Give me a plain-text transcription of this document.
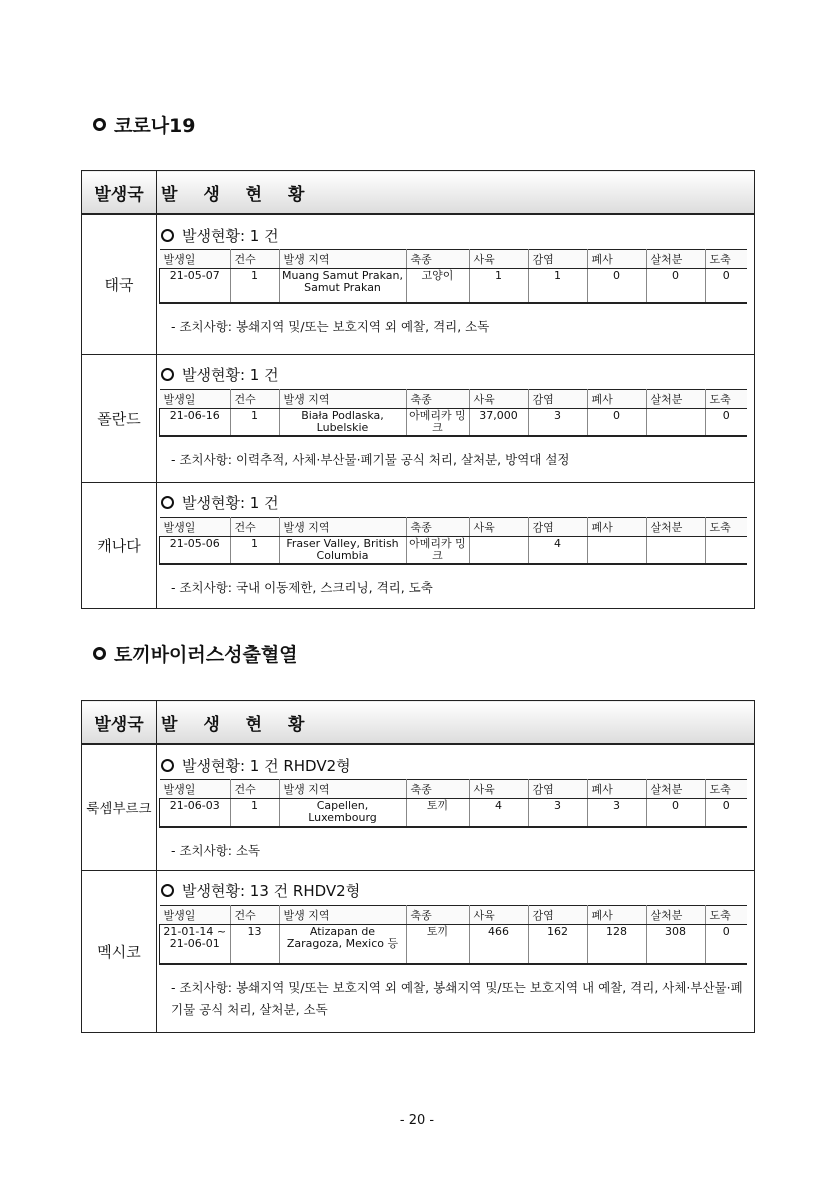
코로나19
발생국	발 생 현 황
태국	
발생현황: 1 건
발생일	건수	발생 지역	축종	사육	감염	폐사	살처분	도축
21-05-07	1	Muang Samut Prakan, Samut Prakan	고양이	1	1	0	0	0
- 조치사항: 봉쇄지역 및/또는 보호지역 외 예찰, 격리, 소독

폴란드	
발생현황: 1 건
발생일	건수	발생 지역	축종	사육	감염	폐사	살처분	도축
21-06-16	1	Biała Podlaska, Lubelskie	아메리카 밍크	37,000	3	0		0
- 조치사항: 이력추적, 사체·부산물·폐기물 공식 처리, 살처분, 방역대 설정

캐나다	
발생현황: 1 건
발생일	건수	발생 지역	축종	사육	감염	폐사	살처분	도축
21-05-06	1	Fraser Valley, British Columbia	아메리카 밍크		4			
- 조치사항: 국내 이동제한, 스크리닝, 격리, 도축
토끼바이러스성출혈열
발생국	발 생 현 황
룩셈부르크	
발생현황: 1 건 RHDV2형
발생일	건수	발생 지역	축종	사육	감염	폐사	살처분	도축
21-06-03	1	Capellen, Luxembourg	토끼	4	3	3	0	0
- 조치사항: 소독

멕시코	
발생현황: 13 건 RHDV2형
발생일	건수	발생 지역	축종	사육	감염	폐사	살처분	도축
21-01-14 ~ 21-06-01	13	Atizapan de Zaragoza, Mexico 등	토끼	466	162	128	308	0
- 조치사항: 봉쇄지역 및/또는 보호지역 외 예찰, 봉쇄지역 및/또는 보호지역 내 예찰, 격리, 사체·부산물·폐기물 공식 처리, 살처분, 소독
- 20 -
